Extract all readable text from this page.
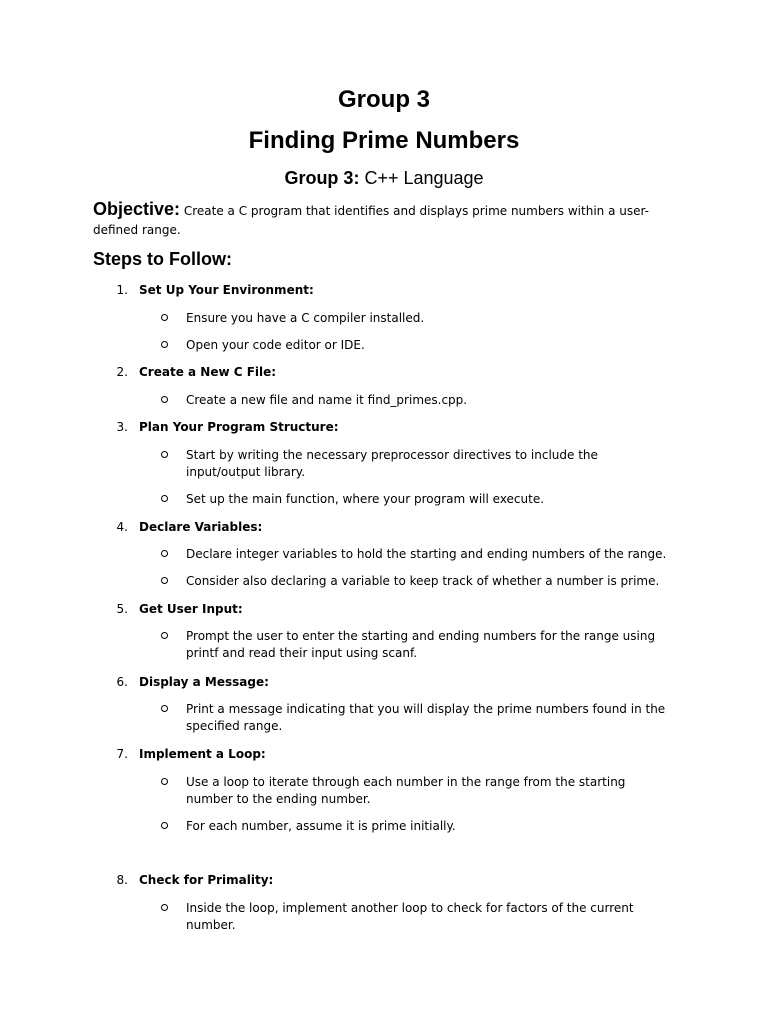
Group 3
Finding Prime Numbers
Group 3: C++ Language
Objective: Create a C program that identifies and displays prime numbers within a user-defined range.
Steps to Follow:
1. Set Up Your Environment:
Ensure you have a C compiler installed.
Open your code editor or IDE.
2. Create a New C File:
Create a new file and name it find_primes.cpp.
3. Plan Your Program Structure:
Start by writing the necessary preprocessor directives to include the input/output library.
Set up the main function, where your program will execute.
4. Declare Variables:
Declare integer variables to hold the starting and ending numbers of the range.
Consider also declaring a variable to keep track of whether a number is prime.
5. Get User Input:
Prompt the user to enter the starting and ending numbers for the range using printf and read their input using scanf.
6. Display a Message:
Print a message indicating that you will display the prime numbers found in the specified range.
7. Implement a Loop:
Use a loop to iterate through each number in the range from the starting number to the ending number.
For each number, assume it is prime initially.
8. Check for Primality:
Inside the loop, implement another loop to check for factors of the current number.
